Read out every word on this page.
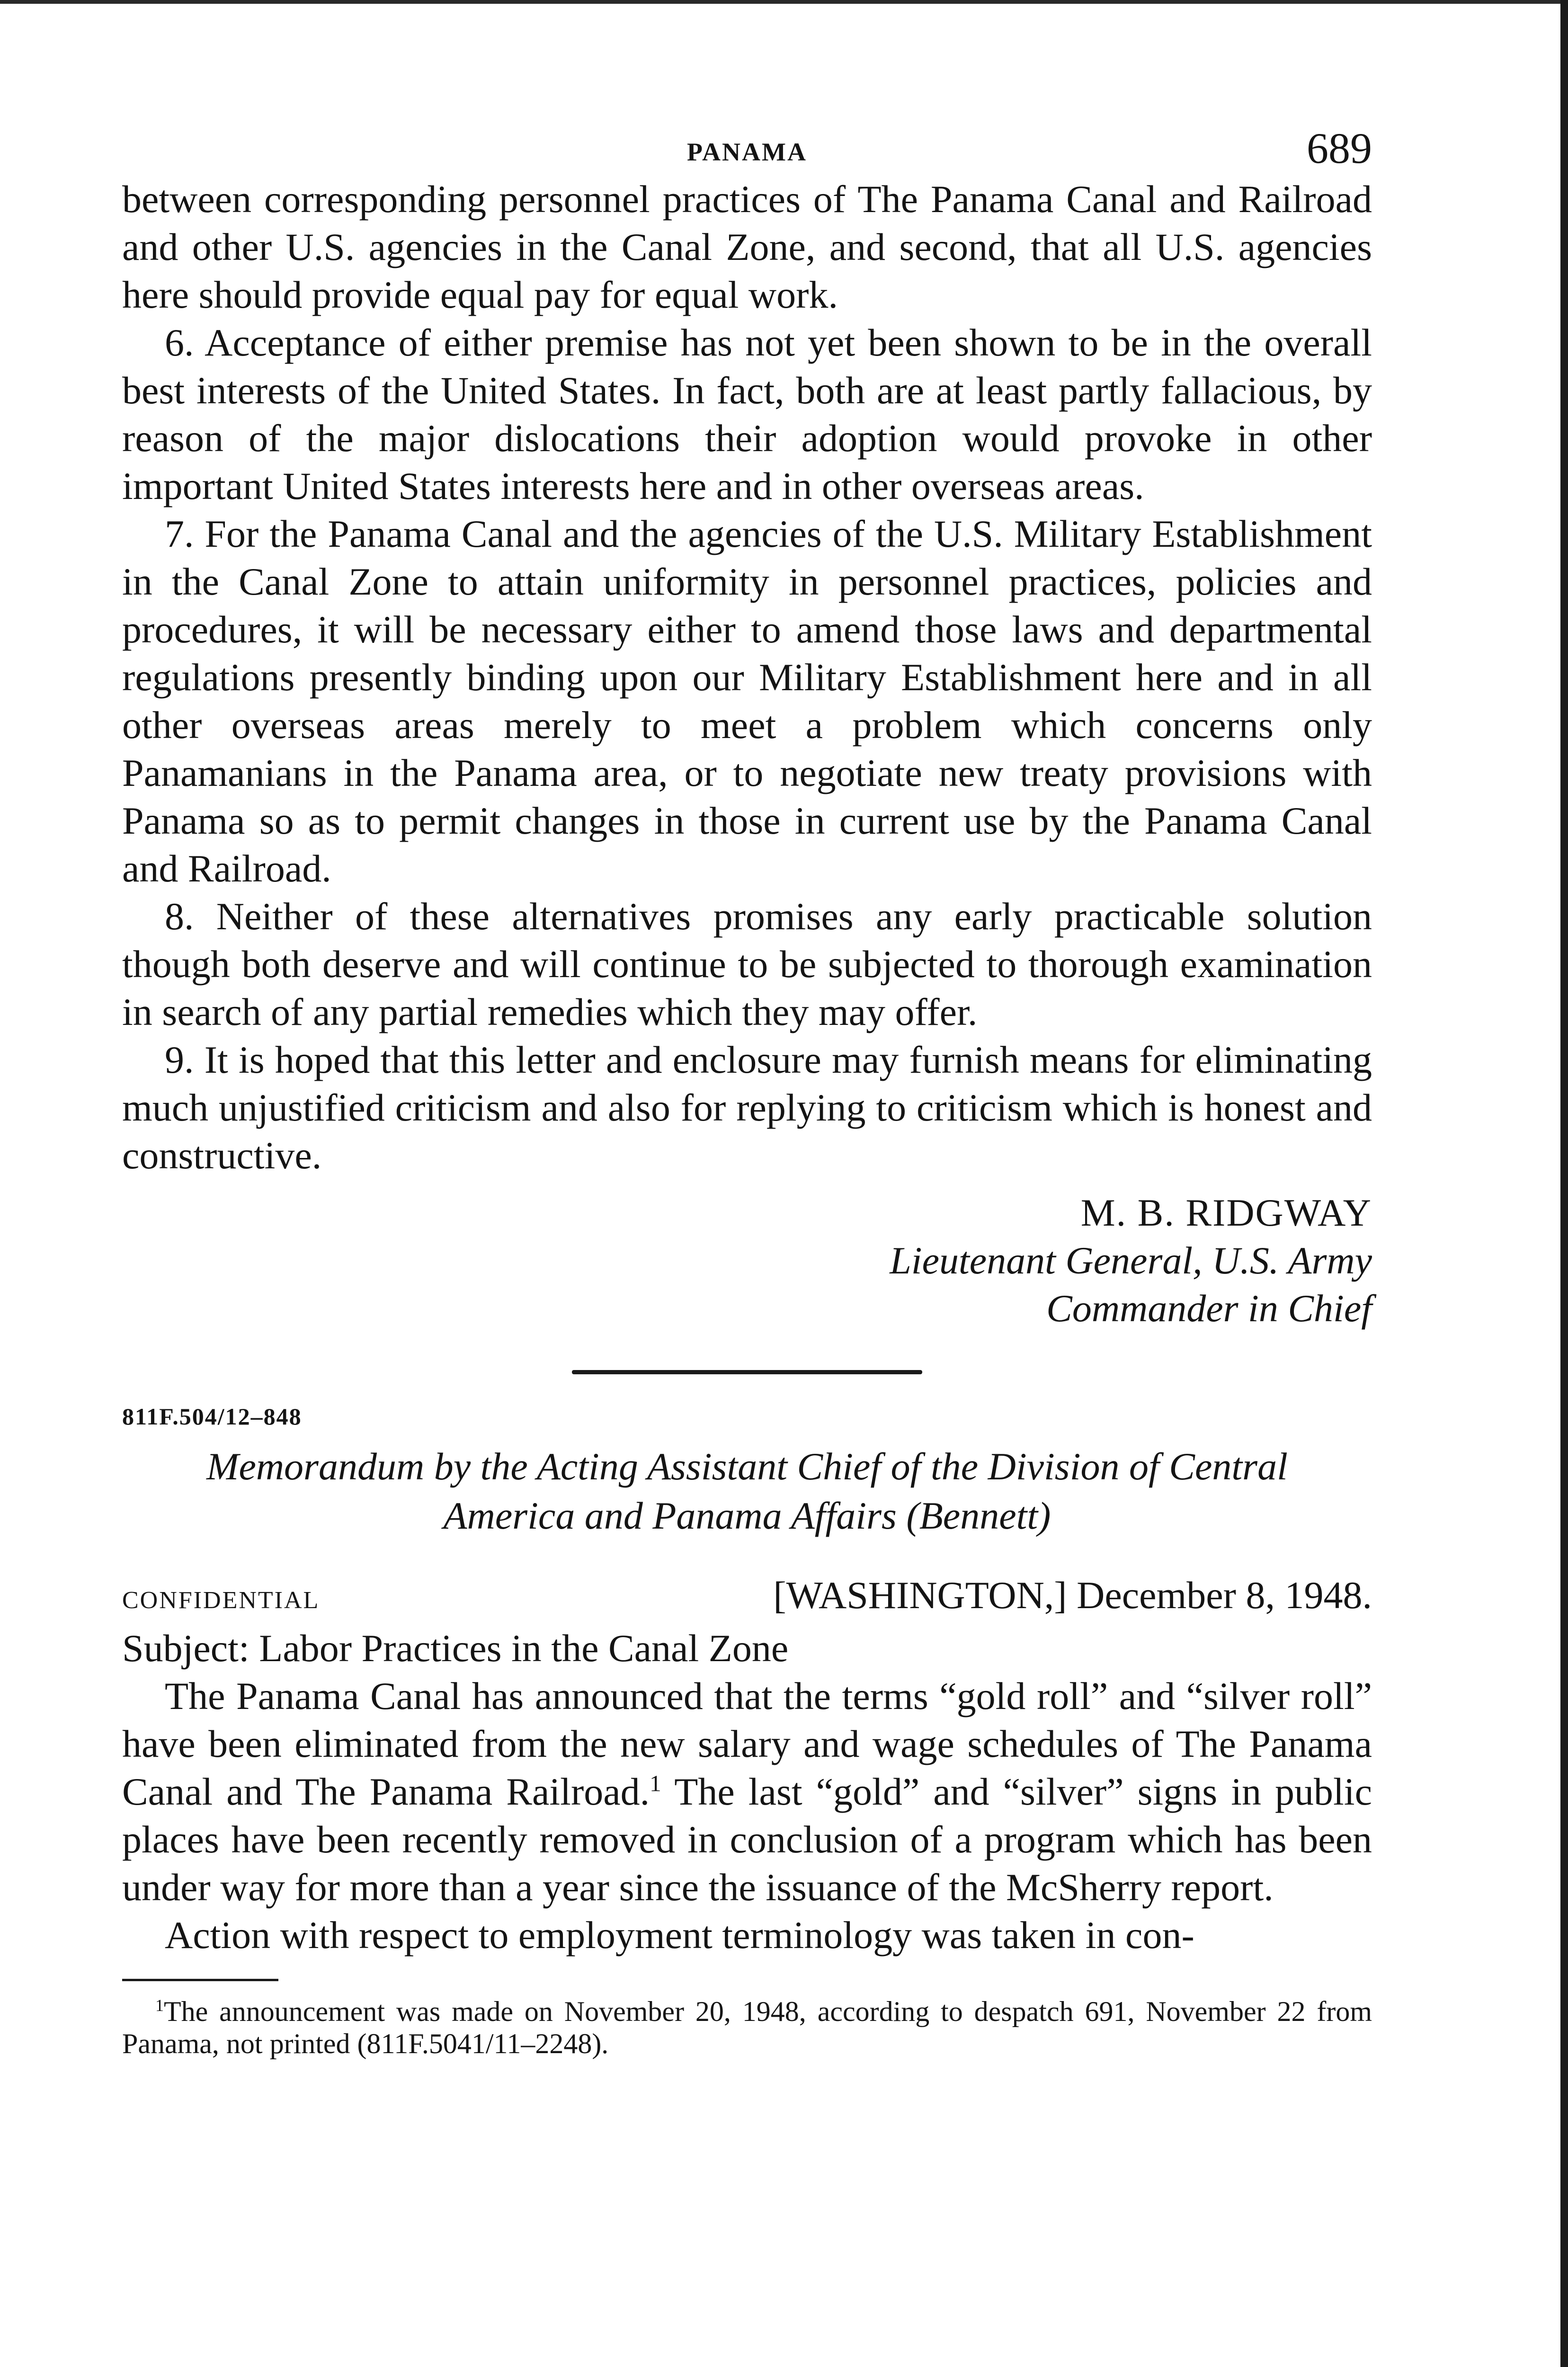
PANAMA	689

between corresponding personnel practices of The Panama Canal and Railroad and other U.S. agencies in the Canal Zone, and second, that all U.S. agencies here should provide equal pay for equal work.

6. Acceptance of either premise has not yet been shown to be in the overall best interests of the United States. In fact, both are at least partly fallacious, by reason of the major dislocations their adoption would provoke in other important United States interests here and in other overseas areas.

7. For the Panama Canal and the agencies of the U.S. Military Establishment in the Canal Zone to attain uniformity in personnel practices, policies and procedures, it will be necessary either to amend those laws and departmental regulations presently binding upon our Military Establishment here and in all other overseas areas merely to meet a problem which concerns only Panamanians in the Panama area, or to negotiate new treaty provisions with Panama so as to permit changes in those in current use by the Panama Canal and Railroad.

8. Neither of these alternatives promises any early practicable solution though both deserve and will continue to be subjected to thorough examination in search of any partial remedies which they may offer.

9. It is hoped that this letter and enclosure may furnish means for eliminating much unjustified criticism and also for replying to criticism which is honest and constructive.

M. B. RIDGWAY
Lieutenant General, U.S. Army
Commander in Chief
811F.504/12–848
Memorandum by the Acting Assistant Chief of the Division of Central
America and Panama Affairs (Bennett)
CONFIDENTIAL	[WASHINGTON,] December 8, 1948.
Subject: Labor Practices in the Canal Zone

The Panama Canal has announced that the terms “gold roll” and “silver roll” have been eliminated from the new salary and wage schedules of The Panama Canal and The Panama Railroad.$^1$ The last “gold” and “silver” signs in public places have been recently removed in conclusion of a program which has been under way for more than a year since the issuance of the McSherry report.

Action with respect to employment terminology was taken in con-

$^1$The announcement was made on November 20, 1948, according to despatch 691, November 22 from Panama, not printed (811F.5041/11–2248).
